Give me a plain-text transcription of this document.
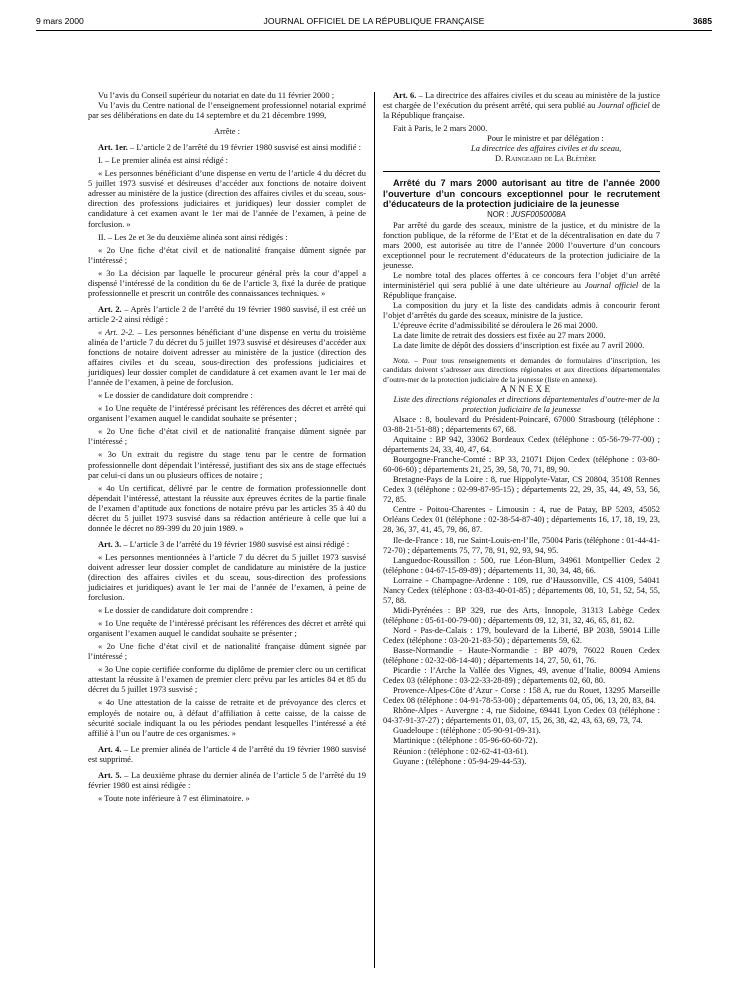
9 mars 2000	JOURNAL OFFICIEL DE LA RÉPUBLIQUE FRANÇAISE	3685

Vu l’avis du Conseil supérieur du notariat en date du 11 février 2000 ;

Vu l’avis du Centre national de l’enseignement professionnel notarial exprimé par ses délibérations en date du 14 septembre et du 21 décembre 1999,

Arrête :

Art. 1er. – L’article 2 de l’arrêté du 19 février 1980 susvisé est ainsi modifié :

I. – Le premier alinéa est ainsi rédigé :

« Les personnes bénéficiant d’une dispense en vertu de l’article 4 du décret du 5 juillet 1973 susvisé et désireuses d’accéder aux fonctions de notaire doivent adresser au ministère de la justice (direction des affaires civiles et du sceau, sous-direction des professions judiciaires et juridiques) leur dossier complet de candidature à cet examen avant le 1er mai de l’année de l’examen, à peine de forclusion. »

II. – Les 2e et 3e du deuxième alinéa sont ainsi rédigés :

« 2o Une fiche d’état civil et de nationalité française dûment signée par l’intéressé ;

« 3o La décision par laquelle le procureur général près la cour d’appel a dispensé l’intéressé de la condition du 6e de l’article 3, fixé la durée de pratique professionnelle et prescrit un contrôle des connaissances techniques. »

Art. 2. – Après l’article 2 de l’arrêté du 19 février 1980 susvisé, il est créé un article 2-2 ainsi rédigé :

« Art. 2-2. – Les personnes bénéficiant d’une dispense en vertu du troisième alinéa de l’article 7 du décret du 5 juillet 1973 susvisé et désireuses d’accéder aux fonctions de notaire doivent adresser au ministère de la justice (direction des affaires civiles et du sceau, sous-direction des professions judiciaires et juridiques) leur dossier complet de candidature à cet examen avant le 1er mai de l’année de l’examen, à peine de forclusion.

« Le dossier de candidature doit comprendre :

« 1o Une requête de l’intéressé précisant les références des décret et arrêté qui organisent l’examen auquel le candidat souhaite se présenter ;

« 2o Une fiche d’état civil et de nationalité française dûment signée par l’intéressé ;

« 3o Un extrait du registre du stage tenu par le centre de formation professionnelle dont dépendait l’intéressé, justifiant des six ans de stage effectués par celui-ci dans un ou plusieurs offices de notaire ;

« 4o Un certificat, délivré par le centre de formation professionnelle dont dépendait l’intéressé, attestant la réussite aux épreuves écrites de la partie finale de l’examen d’aptitude aux fonctions de notaire prévu par les articles 35 à 40 du décret du 5 juillet 1973 susvisé dans sa rédaction antérieure à celle que lui a donnée le décret no 89-399 du 20 juin 1989. »

Art. 3. – L’article 3 de l’arrêté du 19 février 1980 susvisé est ainsi rédigé :

« Les personnes mentionnées à l’article 7 du décret du 5 juillet 1973 susvisé doivent adresser leur dossier complet de candidature au ministère de la justice (direction des affaires civiles et du sceau, sous-direction des professions judiciaires et juridiques) avant le 1er mai de l’année de l’examen, à peine de forclusion.

« Le dossier de candidature doit comprendre :

« 1o Une requête de l’intéressé précisant les références des décret et arrêté qui organisent l’examen auquel le candidat souhaite se présenter ;

« 2o Une fiche d’état civil et de nationalité française dûment signée par l’intéressé ;

« 3o Une copie certifiée conforme du diplôme de premier clerc ou un certificat attestant la réussite à l’examen de premier clerc prévu par les articles 84 et 85 du décret du 5 juillet 1973 susvisé ;

« 4o Une attestation de la caisse de retraite et de prévoyance des clercs et employés de notaire ou, à défaut d’affiliation à cette caisse, de la caisse de sécurité sociale indiquant la ou les périodes pendant lesquelles l’intéressé a été affilié à l’un ou l’autre de ces organismes. »

Art. 4. – Le premier alinéa de l’article 4 de l’arrêté du 19 février 1980 susvisé est supprimé.

Art. 5. – La deuxième phrase du dernier alinéa de l’article 5 de l’arrêté du 19 février 1980 est ainsi rédigée :

« Toute note inférieure à 7 est éliminatoire. »

Art. 6. – La directrice des affaires civiles et du sceau au ministère de la justice est chargée de l’exécution du présent arrêté, qui sera publié au Journal officiel de la République française.

Fait à Paris, le 2 mars 2000.

Pour le ministre et par délégation :

La directrice des affaires civiles et du sceau,

D. Raingeard de La Blétière

Arrêté du 7 mars 2000 autorisant au titre de l’année 2000 l’ouverture d’un concours exceptionnel pour le recrutement d’éducateurs de la protection judiciaire de la jeunesse

NOR : JUSF0050008A

Par arrêté du garde des sceaux, ministre de la justice, et du ministre de la fonction publique, de la réforme de l’Etat et de la décentralisation en date du 7 mars 2000, est autorisée au titre de l’année 2000 l’ouverture d’un concours exceptionnel pour le recrutement d’éducateurs de la protection judiciaire de la jeunesse.

Le nombre total des places offertes à ce concours fera l’objet d’un arrêté interministériel qui sera publié à une date ultérieure au Journal officiel de la République française.

La composition du jury et la liste des candidats admis à concourir feront l’objet d’arrêtés du garde des sceaux, ministre de la justice.

L’épreuve écrite d’admissibilité se déroulera le 26 mai 2000.

La date limite de retrait des dossiers est fixée au 27 mars 2000.

La date limite de dépôt des dossiers d’inscription est fixée au 7 avril 2000.

Nota. – Pour tous renseignements et demandes de formulaires d’inscription, les candidats doivent s’adresser aux directions régionales et aux directions départementales d’outre-mer de la protection judiciaire de la jeunesse (liste en annexe).

ANNEXE

Liste des directions régionales et directions départementales d’outre-mer de la protection judiciaire de la jeunesse

Alsace : 8, boulevard du Président-Poincaré, 67000 Strasbourg (téléphone : 03-88-21-51-88) ; départements 67, 68.

Aquitaine : BP 942, 33062 Bordeaux Cedex (téléphone : 05-56-79-77-00) ; départements 24, 33, 40, 47, 64.

Bourgogne-Franche-Comté : BP 33, 21071 Dijon Cedex (téléphone : 03-80-60-06-60) ; départements 21, 25, 39, 58, 70, 71, 89, 90.

Bretagne-Pays de la Loire : 8, rue Hippolyte-Vatar, CS 20804, 35108 Rennes Cedex 3 (téléphone : 02-99-87-95-15) ; départements 22, 29, 35, 44, 49, 53, 56, 72, 85.

Centre - Poitou-Charentes - Limousin : 4, rue de Patay, BP 5203, 45052 Orléans Cedex 01 (téléphone : 02-38-54-87-40) ; départements 16, 17, 18, 19, 23, 28, 36, 37, 41, 45, 79, 86, 87.

Ile-de-France : 18, rue Saint-Louis-en-l’Ile, 75004 Paris (téléphone : 01-44-41-72-70) ; départements 75, 77, 78, 91, 92, 93, 94, 95.

Languedoc-Roussillon : 500, rue Léon-Blum, 34961 Montpellier Cedex 2 (téléphone : 04-67-15-89-89) ; départements 11, 30, 34, 48, 66.

Lorraine - Champagne-Ardenne : 109, rue d’Haussonville, CS 4109, 54041 Nancy Cedex (téléphone : 03-83-40-01-85) ; départements 08, 10, 51, 52, 54, 55, 57, 88.

Midi-Pyrénées : BP 329, rue des Arts, Innopole, 31313 Labège Cedex (téléphone : 05-61-00-79-00) ; départements 09, 12, 31, 32, 46, 65, 81, 82.

Nord - Pas-de-Calais : 179, boulevard de la Liberté, BP 2038, 59014 Lille Cedex (téléphone : 03-20-21-83-50) ; départements 59, 62.

Basse-Normandie - Haute-Normandie : BP 4079, 76022 Rouen Cedex (téléphone : 02-32-08-14-40) ; départements 14, 27, 50, 61, 76.

Picardie : l’Arche la Vallée des Vignes, 49, avenue d’Italie, 80094 Amiens Cedex 03 (téléphone : 03-22-33-28-89) ; départements 02, 60, 80.

Provence-Alpes-Côte d’Azur - Corse : 158 A, rue du Rouet, 13295 Marseille Cedex 08 (téléphone : 04-91-78-53-00) ; départements 04, 05, 06, 13, 20, 83, 84.

Rhône-Alpes - Auvergne : 4, rue Sidoine, 69441 Lyon Cedex 03 (téléphone : 04-37-91-37-27) ; départements 01, 03, 07, 15, 26, 38, 42, 43, 63, 69, 73, 74.

Guadeloupe : (téléphone : 05-90-91-09-31).

Martinique : (téléphone : 05-96-60-60-72).

Réunion : (téléphone : 02-62-41-03-61).

Guyane : (téléphone : 05-94-29-44-53).
